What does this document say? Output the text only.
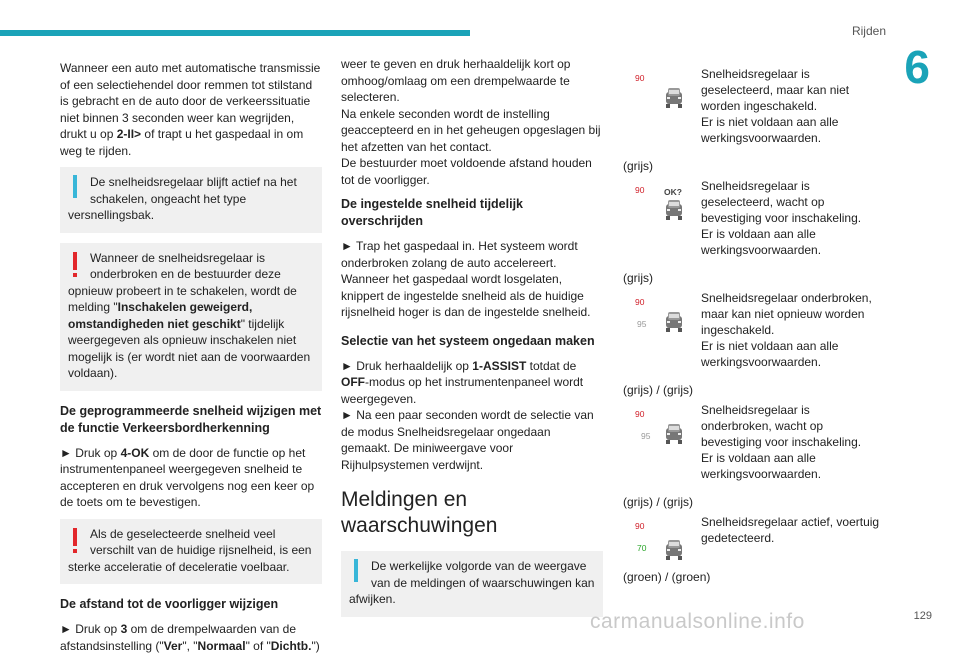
Rijden
6

Wanneer een auto met automatische transmissie of een selectiehendel door remmen tot stilstand is gebracht en de auto door de verkeerssituatie niet binnen 3 seconden weer kan wegrijden, drukt u op 2-II> of trapt u het gaspedaal in om weg te rijden.

De snelheidsregelaar blijft actief na het schakelen, ongeacht het type versnellingsbak.
Wanneer de snelheidsregelaar is onderbroken en de bestuurder deze opnieuw probeert in te schakelen, wordt de melding "Inschakelen geweigerd, omstandigheden niet geschikt" tijdelijk weergegeven als opnieuw inschakelen niet mogelijk is (er wordt niet aan de voorwaarden voldaan).
De geprogrammeerde snelheid wijzigen met de functie Verkeersbordherkenning

► Druk op 4-OK om de door de functie op het instrumentenpaneel weergegeven snelheid te accepteren en druk vervolgens nog een keer op de toets om te bevestigen.

Als de geselecteerde snelheid veel verschilt van de huidige rijsnelheid, is een sterke acceleratie of deceleratie voelbaar.
De afstand tot de voorligger wijzigen

► Druk op 3 om de drempelwaarden van de afstandsinstelling ("Ver", "Normaal" of "Dichtb.")

weer te geven en druk herhaaldelijk kort op omhoog/omlaag om een drempelwaarde te selecteren.

Na enkele seconden wordt de instelling geaccepteerd en in het geheugen opgeslagen bij het afzetten van het contact.

De bestuurder moet voldoende afstand houden tot de voorligger.

De ingestelde snelheid tijdelijk overschrijden

► Trap het gaspedaal in. Het systeem wordt onderbroken zolang de auto accelereert. Wanneer het gaspedaal wordt losgelaten, knippert de ingestelde snelheid als de huidige rijsnelheid hoger is dan de ingestelde snelheid.

Selectie van het systeem ongedaan maken

► Druk herhaaldelijk op 1-ASSIST totdat de OFF-modus op het instrumentenpaneel wordt weergegeven.

► Na een paar seconden wordt de selectie van de modus Snelheidsregelaar ongedaan gemaakt. De miniweergave voor Rijhulpsystemen verdwijnt.

Meldingen en waarschuwingen
De werkelijke volgorde van de weergave van de meldingen of waarschuwingen kan afwijken.
90	Snelheidsregelaar is geselecteerd, maar kan niet worden ingeschakeld.
Er is niet voldaan aan alle werkingsvoorwaarden.
(grijs)
90 OK? Snelheidsregelaar is geselecteerd, wacht op bevestiging voor inschakeling.
Er is voldaan aan alle werkingsvoorwaarden.
(grijs)
90
95
Snelheidsregelaar onderbroken, maar kan niet opnieuw worden ingeschakeld.
Er is niet voldaan aan alle werkingsvoorwaarden.
(grijs) / (grijs)
90
95
Snelheidsregelaar is onderbroken, wacht op bevestiging voor inschakeling.
Er is voldaan aan alle werkingsvoorwaarden.
(grijs) / (grijs)
90
70
Snelheidsregelaar actief, voertuig gedetecteerd.
(groen) / (groen)
129
carmanualsonline.info
